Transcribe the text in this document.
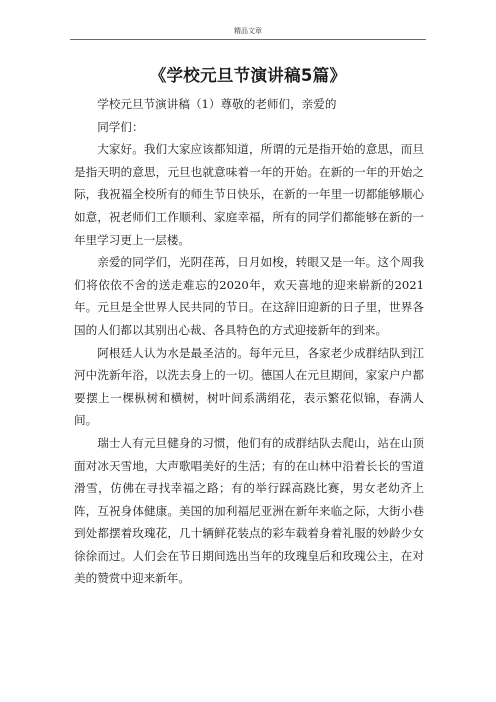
精品文章
《学校元旦节演讲稿5篇》

学校元旦节演讲稿（1）尊敬的老师们，亲爱的

同学们：

大家好。我们大家应该都知道，所谓的元是指开始的意思，而旦是指天明的意思，元旦也就意味着一年的开始。在新的一年的开始之际，我祝福全校所有的师生节日快乐，在新的一年里一切都能够顺心如意，祝老师们工作顺利、家庭幸福，所有的同学们都能够在新的一年里学习更上一层楼。

亲爱的同学们，光阴荏苒，日月如梭，转眼又是一年。这个周我们将依依不舍的送走难忘的2020年，欢天喜地的迎来崭新的2021年。元旦是全世界人民共同的节日。在这辞旧迎新的日子里，世界各国的人们都以其别出心裁、各具特色的方式迎接新年的到来。

阿根廷人认为水是最圣洁的。每年元旦，各家老少成群结队到江河中洗新年浴，以洗去身上的一切。德国人在元旦期间，家家户户都要摆上一棵枞树和横树，树叶间系满绢花，表示繁花似锦，春满人间。

瑞士人有元旦健身的习惯，他们有的成群结队去爬山，站在山顶面对冰天雪地，大声歌唱美好的生活；有的在山林中沿着长长的雪道滑雪，仿佛在寻找幸福之路；有的举行踩高跷比赛，男女老幼齐上阵，互祝身体健康。美国的加利福尼亚洲在新年来临之际，大街小巷到处都摆着玫瑰花，几十辆鲜花装点的彩车载着身着礼服的妙龄少女徐徐而过。人们会在节日期间选出当年的玫瑰皇后和玫瑰公主，在对美的赞赏中迎来新年。
